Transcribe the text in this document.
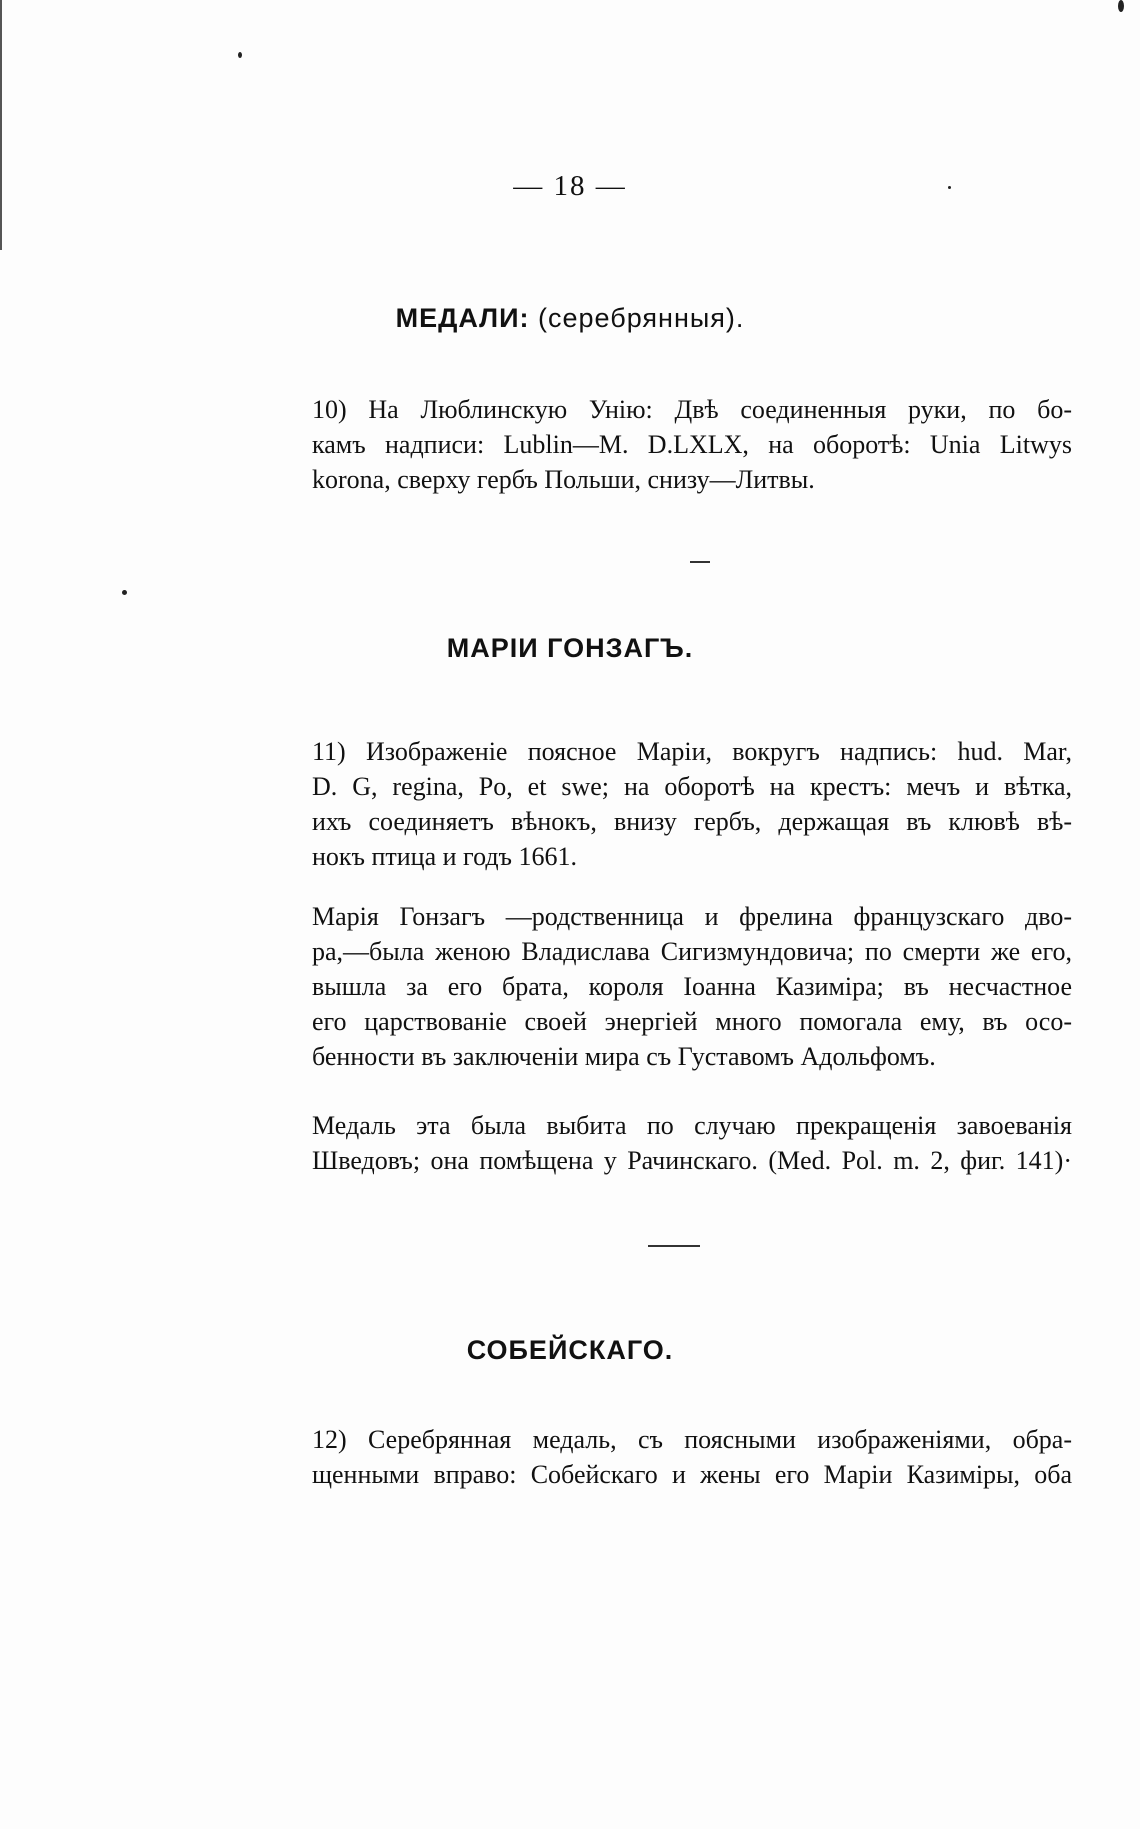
— 18 —
МЕДАЛИ: (серебрянныя).
10) На Люблинскую Унію: Двѣ соединенныя руки, по бо-
камъ надписи: Lublin—M. D.LXLX, на оборотѣ: Unia Litwys
korona, сверху гербъ Польши, снизу—Литвы.
МАРІИ ГОНЗАГЪ.
11) Изображеніе поясное Маріи, вокругъ надпись: hud. Mar,
D. G, regina, Po, et swe; на оборотѣ на крестъ: мечъ и вѣтка,
ихъ соединяетъ вѣнокъ, внизу гербъ, держащая въ клювѣ вѣ-
нокъ птица и годъ 1661.
Марія Гонзагъ —родственница и фрелина французскаго дво-
ра,—была женою Владислава Сигизмундовича; по смерти же его,
вышла за его брата, короля Іоанна Казиміра; въ несчастное
его царствованіе своей энергіей много помогала ему, въ осо-
бенности въ заключеніи мира съ Густавомъ Адольфомъ.
Медаль эта была выбита по случаю прекращенія завоеванія
Шведовъ; она помѣщена у Рачинскаго. (Med. Pol. m. 2, фиг. 141)·
СОБЕЙСКАГО.
12) Серебрянная медаль, съ поясными изображеніями, обра-
щенными вправо: Собейскаго и жены его Маріи Казиміры, оба
